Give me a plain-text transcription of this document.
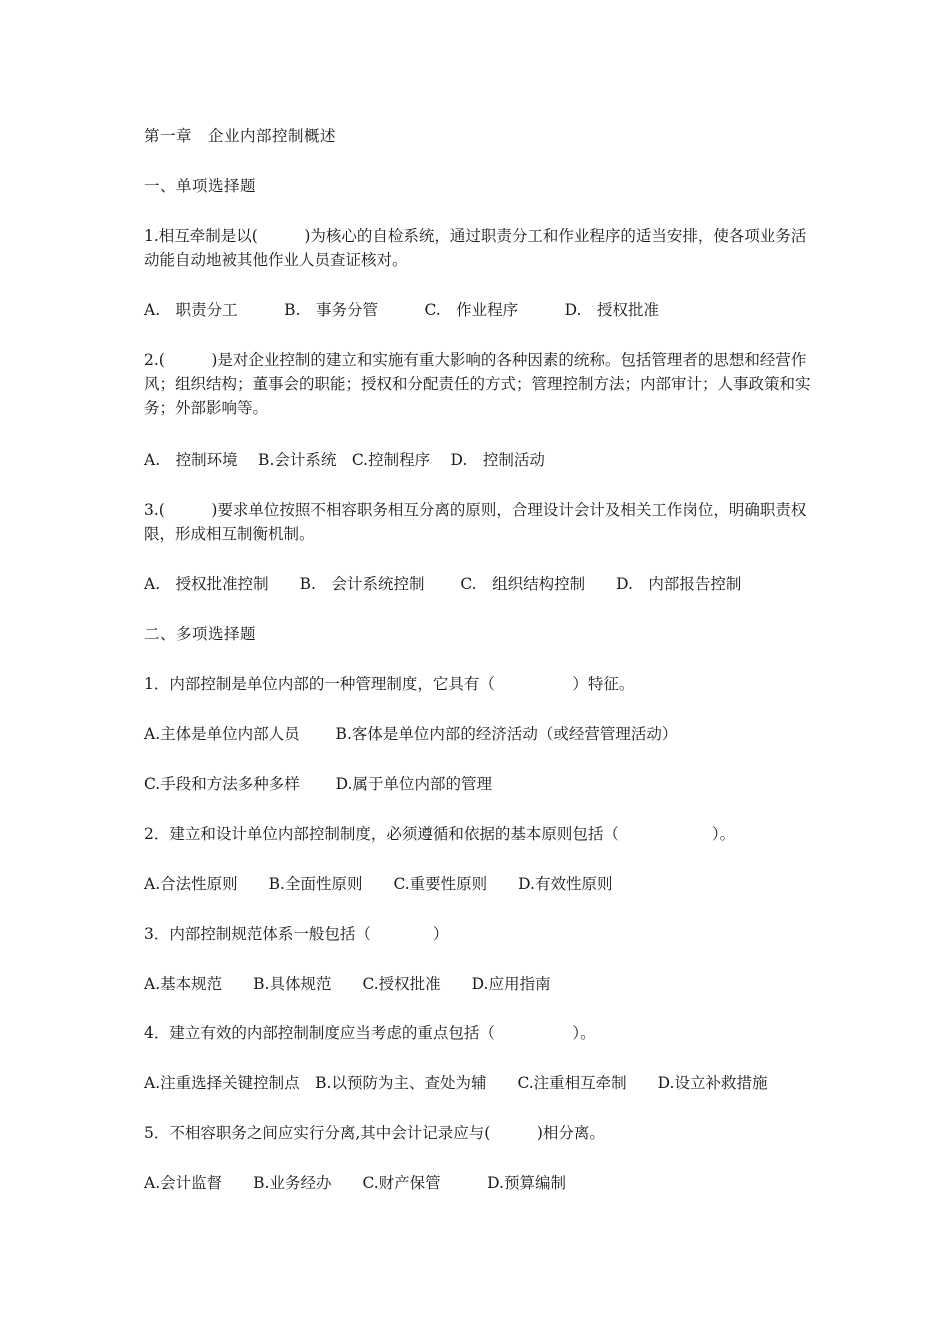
第一章　企业内部控制概述
一、单项选择题
1.相互牵制是以(　　　)为核心的自检系统，通过职责分工和作业程序的适当安排，使各项业务活动能自动地被其他作业人员查证核对。
A.　职责分工　　　B.　事务分管　　　C.　作业程序　　　D.　授权批准
2.(　　　)是对企业控制的建立和实施有重大影响的各种因素的统称。包括管理者的思想和经营作风；组织结构；董事会的职能；授权和分配责任的方式；管理控制方法；内部审计；人事政策和实务；外部影响等。
A.　控制环境　 B.会计系统　C.控制程序　 D.　控制活动
3.(　　　)要求单位按照不相容职务相互分离的原则，合理设计会计及相关工作岗位，明确职责权限，形成相互制衡机制。
A.　授权批准控制　　B.　会计系统控制　　 C.　组织结构控制　　D.　内部报告控制
二、多项选择题
1．内部控制是单位内部的一种管理制度，它具有（　　　　　）特征。
A.主体是单位内部人员　　 B.客体是单位内部的经济活动（或经营管理活动）
C.手段和方法多种多样　　 D.属于单位内部的管理
2．建立和设计单位内部控制制度，必须遵循和依据的基本原则包括（　　　　　　）。
A.合法性原则　　B.全面性原则　　C.重要性原则　　D.有效性原则
3．内部控制规范体系一般包括（　　　　）
A.基本规范　　B.具体规范　　C.授权批准　　D.应用指南
4．建立有效的内部控制制度应当考虑的重点包括（　　　　　）。
A.注重选择关键控制点　B.以预防为主、查处为辅　　C.注重相互牵制　　D.设立补救措施
5．不相容职务之间应实行分离,其中会计记录应与(　　　)相分离。
A.会计监督　　B.业务经办　　C.财产保管　　　D.预算编制
